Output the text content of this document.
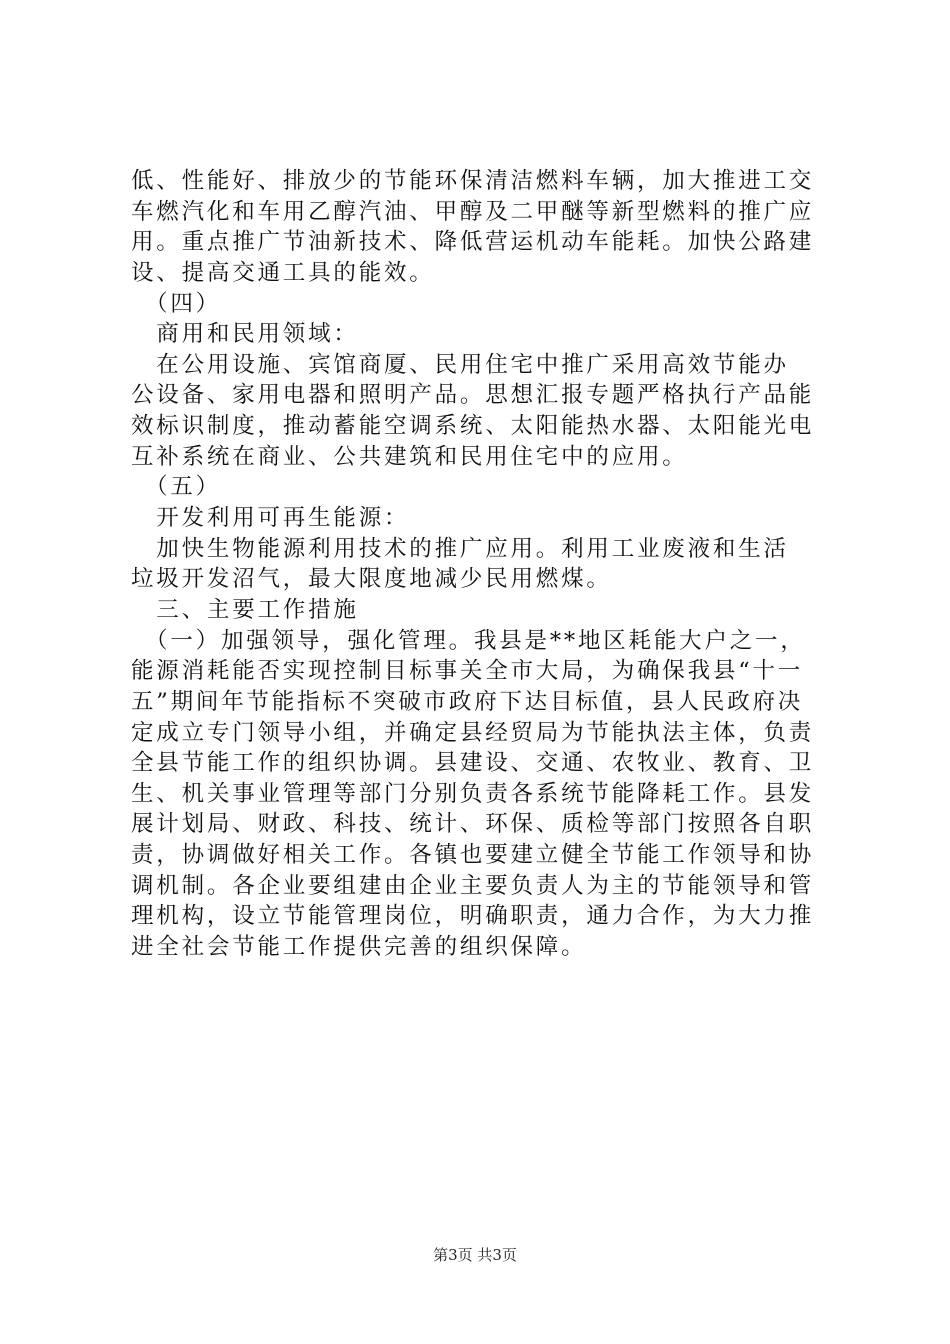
低、性能好、排放少的节能环保清洁燃料车辆，加大推进工交
车燃汽化和车用乙醇汽油、甲醇及二甲醚等新型燃料的推广应
用。重点推广节油新技术、降低营运机动车能耗。加快公路建
设、提高交通工具的能效。
　（四）
　商用和民用领域：
　在公用设施、宾馆商厦、民用住宅中推广采用高效节能办
公设备、家用电器和照明产品。思想汇报专题严格执行产品能
效标识制度，推动蓄能空调系统、太阳能热水器、太阳能光电
互补系统在商业、公共建筑和民用住宅中的应用。
　（五）
　开发利用可再生能源：
　加快生物能源利用技术的推广应用。利用工业废液和生活
垃圾开发沼气，最大限度地减少民用燃煤。
　三、主要工作措施
　（一）加强领导，强化管理。我县是**地区耗能大户之一，
能源消耗能否实现控制目标事关全市大局，为确保我县“十一
五”期间年节能指标不突破市政府下达目标值，县人民政府决
定成立专门领导小组，并确定县经贸局为节能执法主体，负责
全县节能工作的组织协调。县建设、交通、农牧业、教育、卫
生、机关事业管理等部门分别负责各系统节能降耗工作。县发
展计划局、财政、科技、统计、环保、质检等部门按照各自职
责，协调做好相关工作。各镇也要建立健全节能工作领导和协
调机制。各企业要组建由企业主要负责人为主的节能领导和管
理机构，设立节能管理岗位，明确职责，通力合作，为大力推
进全社会节能工作提供完善的组织保障。
第3页 共3页
